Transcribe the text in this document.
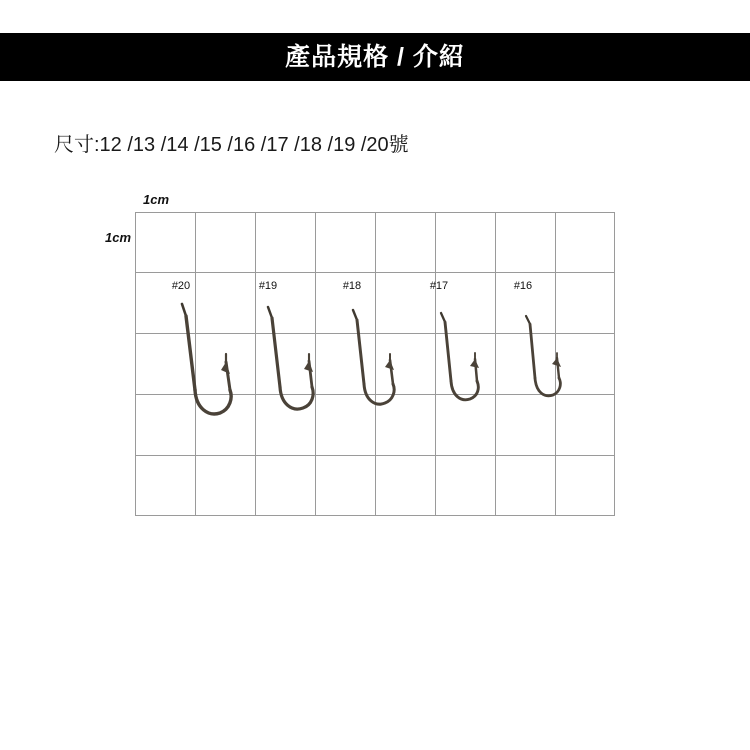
產品規格 / 介紹
尺寸:12 /13 /14 /15 /16 /17 /18 /19 /20號
1cm
1cm
#20	#19	#18	#17	#16
